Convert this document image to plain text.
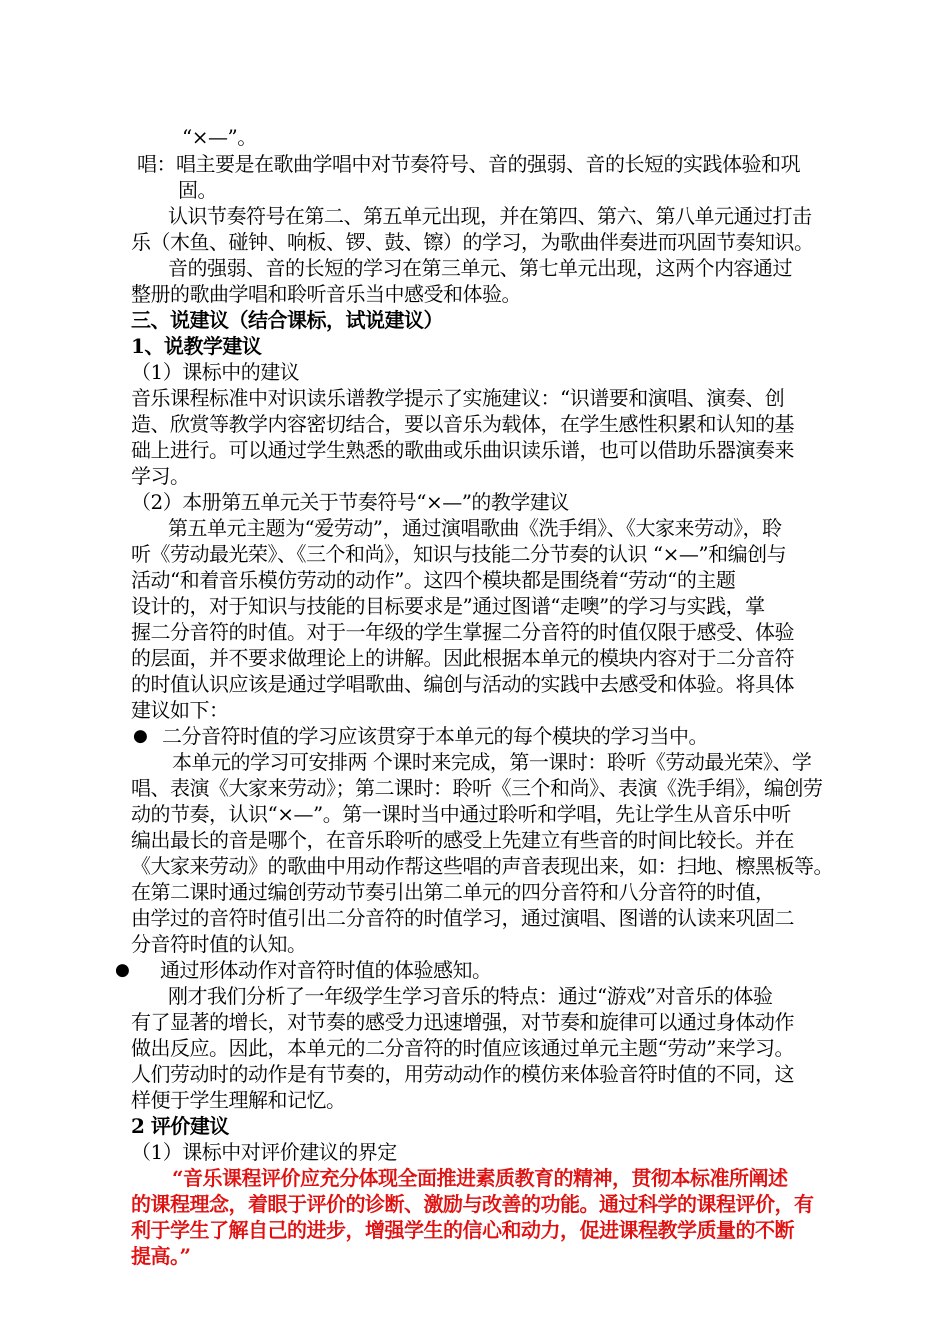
“×—”。
唱：唱主要是在歌曲学唱中对节奏符号、音的强弱、音的长短的实践体验和巩
固。
认识节奏符号在第二、第五单元出现，并在第四、第六、第八单元通过打击
乐（木鱼、碰钟、响板、锣、鼓、镲）的学习，为歌曲伴奏进而巩固节奏知识。
音的强弱、音的长短的学习在第三单元、第七单元出现，这两个内容通过
整册的歌曲学唱和聆听音乐当中感受和体验。
三、说建议（结合课标，试说建议）
1、说教学建议
（1）课标中的建议
音乐课程标准中对识读乐谱教学提示了实施建议：“识谱要和演唱、演奏、创
造、欣赏等教学内容密切结合，要以音乐为载体，在学生感性积累和认知的基
础上进行。可以通过学生熟悉的歌曲或乐曲识读乐谱，也可以借助乐器演奏来
学习。
（2）本册第五单元关于节奏符号“×—”的教学建议
第五单元主题为“爱劳动”，通过演唱歌曲《洗手绢》、《大家来劳动》，聆
听《劳动最光荣》、《三个和尚》，知识与技能二分节奏的认识 “×—”和编创与
活动“和着音乐模仿劳动的动作”。这四个模块都是围绕着“劳动“的主题
设计的，对于知识与技能的目标要求是”通过图谱“走噢”的学习与实践，掌
握二分音符的时值。对于一年级的学生掌握二分音符的时值仅限于感受、体验
的层面，并不要求做理论上的讲解。因此根据本单元的模块内容对于二分音符
的时值认识应该是通过学唱歌曲、编创与活动的实践中去感受和体验。将具体
建议如下：
● 二分音符时值的学习应该贯穿于本单元的每个模块的学习当中。
本单元的学习可安排两 个课时来完成，第一课时：聆听《劳动最光荣》、学
唱、表演《大家来劳动》；第二课时：聆听《三个和尚》、表演《洗手绢》，编创劳
动的节奏，认识“×—”。第一课时当中通过聆听和学唱，先让学生从音乐中听
编出最长的音是哪个，在音乐聆听的感受上先建立有些音的时间比较长。并在
《大家来劳动》的歌曲中用动作帮这些唱的声音表现出来，如：扫地、檫黑板等。
在第二课时通过编创劳动节奏引出第二单元的四分音符和八分音符的时值，
由学过的音符时值引出二分音符的时值学习，通过演唱、图谱的认读来巩固二
分音符时值的认知。
● 通过形体动作对音符时值的体验感知。
刚才我们分析了一年级学生学习音乐的特点：通过“游戏”对音乐的体验
有了显著的增长，对节奏的感受力迅速增强，对节奏和旋律可以通过身体动作
做出反应。因此，本单元的二分音符的时值应该通过单元主题“劳动”来学习。
人们劳动时的动作是有节奏的，用劳动动作的模仿来体验音符时值的不同，这
样便于学生理解和记忆。
2 评价建议
（1）课标中对评价建议的界定
“音乐课程评价应充分体现全面推进素质教育的精神，贯彻本标准所阐述
的课程理念，着眼于评价的诊断、激励与改善的功能。通过科学的课程评价，有
利于学生了解自己的进步，增强学生的信心和动力，促进课程教学质量的不断
提高。”
